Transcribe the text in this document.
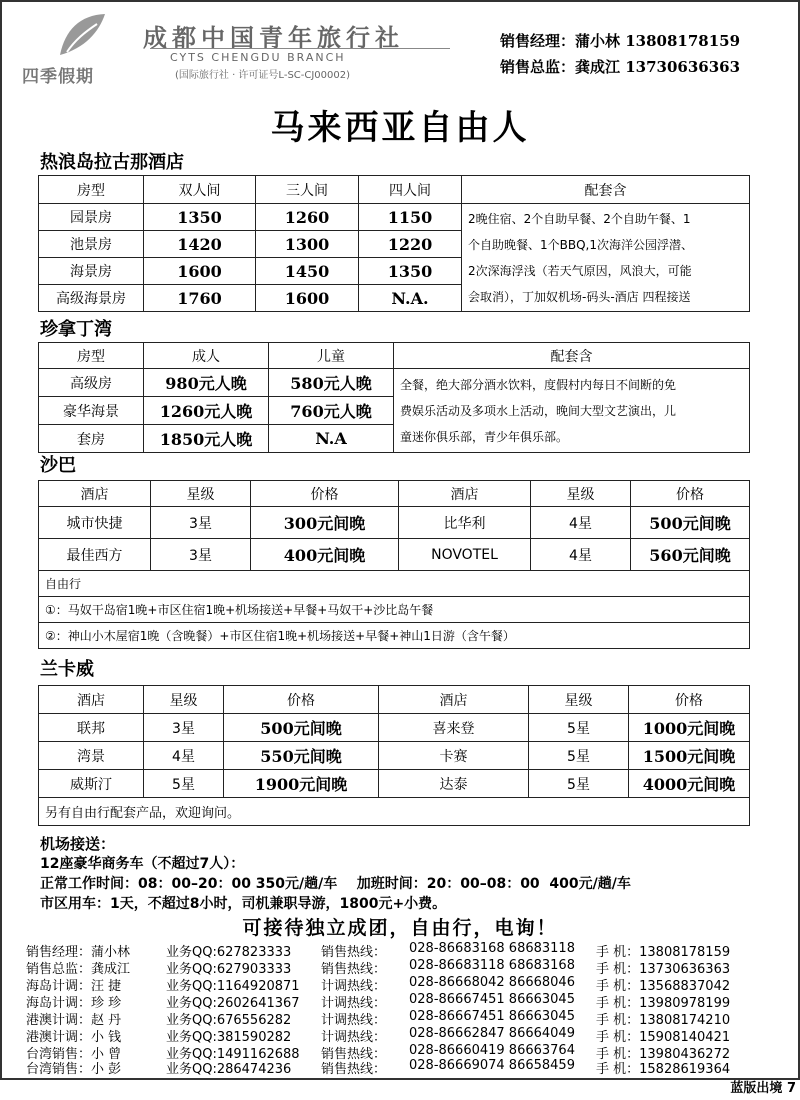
四季假期
成都中国青年旅行社
CYTS CHENGDU BRANCH
(国际旅行社 · 许可证号L-SC-CJ00002)
销售经理：蒲小林 13808178159
销售总监：龚成江 13730636363
马来西亚自由人
热浪岛拉古那酒店
房型	双人间	三人间	四人间	配套含
园景房	1350	1260	1150	2晚住宿、2个自助早餐、2个自助午餐、1
个自助晚餐、1个BBQ,1次海洋公园浮潜、
2次深海浮浅（若天气原因，风浪大，可能
会取消），丁加奴机场-码头-酒店 四程接送

池景房	1420	1300	1220	
海景房	1600	1450	1350	
高级海景房	1760	1600	N.A.	
珍拿丁湾
房型	成人	儿童	配套含
高级房	980元人晚	580元人晚	全餐，绝大部分酒水饮料，度假村内每日不间断的免
费娱乐活动及多项水上活动，晚间大型文艺演出，儿
童迷你俱乐部，青少年俱乐部。

豪华海景	1260元人晚	760元人晚	
套房	1850元人晚	N.A	
沙巴
酒店	星级	价格	酒店	星级	价格
城市快捷	3星	300元间晚	比华利	4星	500元间晚
最佳西方	3星	400元间晚	NOVOTEL	4星	560元间晚
自由行					
①：马奴干岛宿1晚+市区住宿1晚+机场接送+早餐+马奴干+沙比岛午餐					
②：神山小木屋宿1晚（含晚餐）+市区住宿1晚+机场接送+早餐+神山1日游（含午餐）					
兰卡威
酒店	星级	价格	酒店	星级	价格
联邦	3星	500元间晚	喜来登	5星	1000元间晚
湾景	4星	550元间晚	卡赛	5星	1500元间晚
威斯汀	5星	1900元间晚	达泰	5星	4000元间晚
另有自由行配套产品，欢迎询问。					
机场接送：
12座豪华商务车（不超过7人）：
正常工作时间：08：00–20：00 350元/趟/车    加班时间：20：00–08：00  400元/趟/车
市区用车：1天，不超过8小时，司机兼职导游，1800元+小费。
可接待独立成团，自由行，电询！
销售经理：蒲小林	业务QQ:627823333 销售热线： 028-86683168 68683118 手 机：13808178159
销售总监：龚成江	业务QQ:627903333 销售热线： 028-86683118 68683168 手 机：13730636363
海岛计调：汪 捷	业务QQ:1164920871 计调热线： 028-86668042 86668046 手 机：13568837042
海岛计调：珍 珍	业务QQ:2602641367 计调热线： 028-86667451 86663045 手 机：13980978199
港澳计调：赵 丹	业务QQ:676556282 计调热线： 028-86667451 86663045 手 机：13808174210
港澳计调：小 钱	业务QQ:381590282 计调热线： 028-86662847 86664049 手 机：15908140421
台湾销售：小 曾	业务QQ:1491162688 销售热线： 028-86660419 86663764 手 机：13980436272
台湾销售：小 彭	业务QQ:286474236 销售热线： 028-86669074 86658459 手 机：15828619364
蓝版出境 7
